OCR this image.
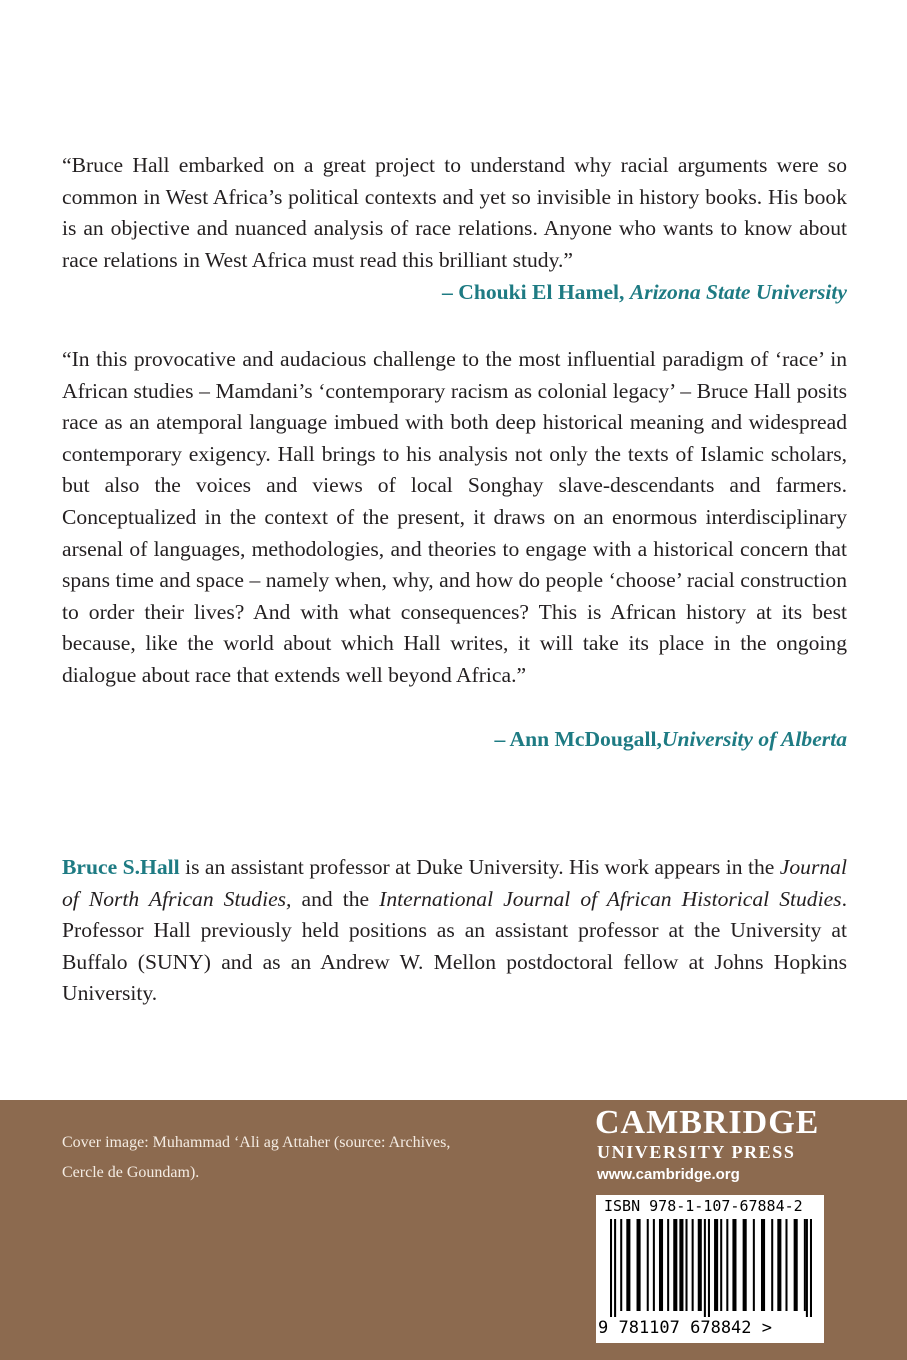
“Bruce Hall embarked on a great project to understand why racial arguments were so common in West Africa’s political contexts and yet so invisible in history books. His book is an objective and nuanced analysis of race relations. Anyone who wants to know about race relations in West Africa must read this brilliant study.”

– Chouki El Hamel, Arizona State University

“In this provocative and audacious challenge to the most influential paradigm of ‘race’ in African studies – Mamdani’s ‘contemporary racism as colonial legacy’ – Bruce Hall posits race as an atemporal language imbued with both deep historical meaning and widespread contemporary exigency. Hall brings to his analysis not only the texts of Islamic scholars, but also the voices and views of local Songhay slave-descendants and farmers. Conceptualized in the context of the present, it draws on an enormous interdisciplinary arsenal of languages, methodologies, and theories to engage with a historical concern that spans time and space – namely when, why, and how do people ‘choose’ racial construction to order their lives? And with what consequences? This is African history at its best because, like the world about which Hall writes, it will take its place in the ongoing dialogue about race that extends well beyond Africa.”

– Ann McDougall,University of Alberta

Bruce S.Hall is an assistant professor at Duke University. His work appears in the Journal of North African Studies, and the International Journal of African Historical Studies. Professor Hall previously held positions as an assistant professor at the University at Buffalo (SUNY) and as an Andrew W. Mellon postdoctoral fellow at Johns Hopkins University.

Cover image: Muhammad ‘Ali ag Attaher (source: Archives, Cercle de Goundam).
CAMBRIDGE
UNIVERSITY PRESS
www.cambridge.org
ISBN 978-1-107-67884-2
9 781107 678842 >
